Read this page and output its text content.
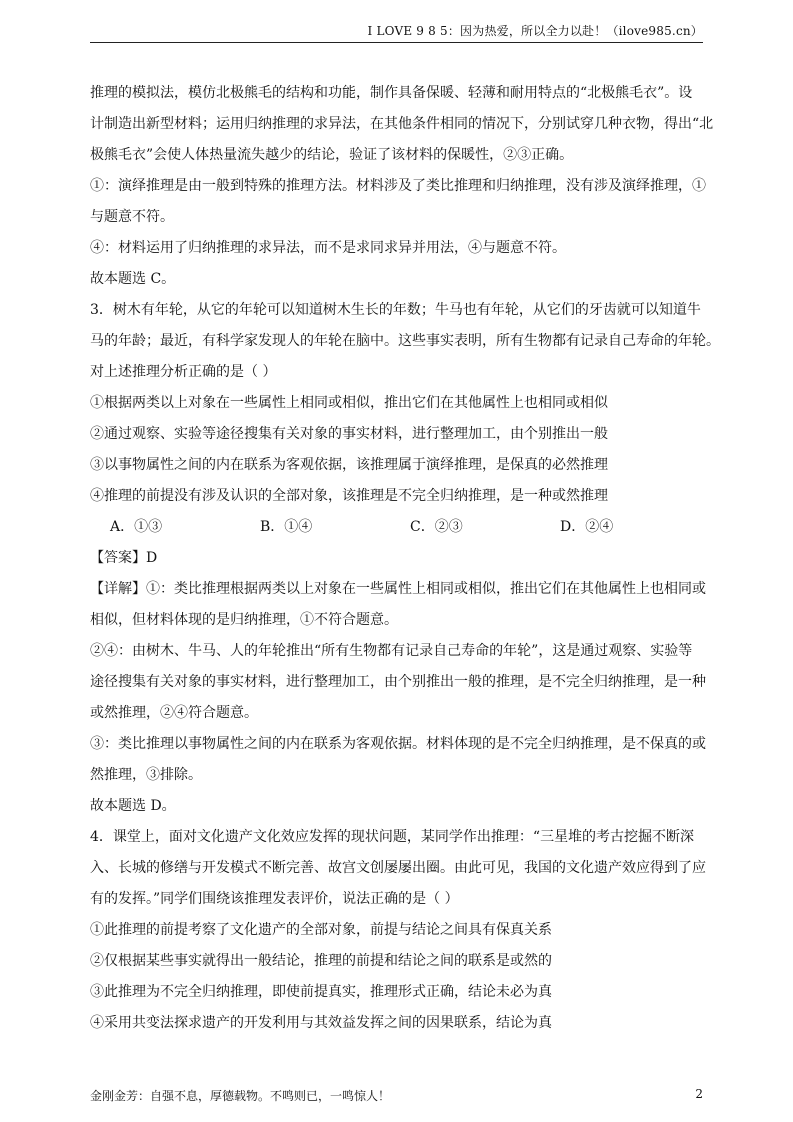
I LOVE 9 8 5：因为热爱，所以全力以赴！（ilove985.cn）

推理的模拟法，模仿北极熊毛的结构和功能，制作具备保暖、轻薄和耐用特点的“北极熊毛衣”。设

计制造出新型材料；运用归纳推理的求异法，在其他条件相同的情况下，分别试穿几种衣物，得出“北

极熊毛衣”会使人体热量流失越少的结论，验证了该材料的保暖性，②③正确。

①：演绎推理是由一般到特殊的推理方法。材料涉及了类比推理和归纳推理，没有涉及演绎推理，①

与题意不符。

④：材料运用了归纳推理的求异法，而不是求同求异并用法，④与题意不符。

故本题选 C。

3．树木有年轮，从它的年轮可以知道树木生长的年数；牛马也有年轮，从它们的牙齿就可以知道牛

马的年龄；最近，有科学家发现人的年轮在脑中。这些事实表明，所有生物都有记录自己寿命的年轮。

对上述推理分析正确的是（ ）

①根据两类以上对象在一些属性上相同或相似，推出它们在其他属性上也相同或相似

②通过观察、实验等途径搜集有关对象的事实材料，进行整理加工，由个别推出一般

③以事物属性之间的内在联系为客观依据，该推理属于演绎推理，是保真的必然推理

④推理的前提没有涉及认识的全部对象，该推理是不完全归纳推理，是一种或然推理

A．①③	B．①④	C．②③	D．②④

【答案】D

【详解】①：类比推理根据两类以上对象在一些属性上相同或相似，推出它们在其他属性上也相同或

相似，但材料体现的是归纳推理，①不符合题意。

②④：由树木、牛马、人的年轮推出“所有生物都有记录自己寿命的年轮”，这是通过观察、实验等

途径搜集有关对象的事实材料，进行整理加工，由个别推出一般的推理，是不完全归纳推理，是一种

或然推理，②④符合题意。

③：类比推理以事物属性之间的内在联系为客观依据。材料体现的是不完全归纳推理，是不保真的或

然推理，③排除。

故本题选 D。

4．课堂上，面对文化遗产文化效应发挥的现状问题，某同学作出推理：“三星堆的考古挖掘不断深

入、长城的修缮与开发模式不断完善、故宫文创屡屡出圈。由此可见，我国的文化遗产效应得到了应

有的发挥。”同学们围绕该推理发表评价，说法正确的是（ ）

①此推理的前提考察了文化遗产的全部对象，前提与结论之间具有保真关系

②仅根据某些事实就得出一般结论，推理的前提和结论之间的联系是或然的

③此推理为不完全归纳推理，即使前提真实，推理形式正确，结论未必为真

④采用共变法探求遗产的开发利用与其效益发挥之间的因果联系，结论为真

金刚金芳：自强不息，厚德载物。不鸣则已，一鸣惊人！	2
